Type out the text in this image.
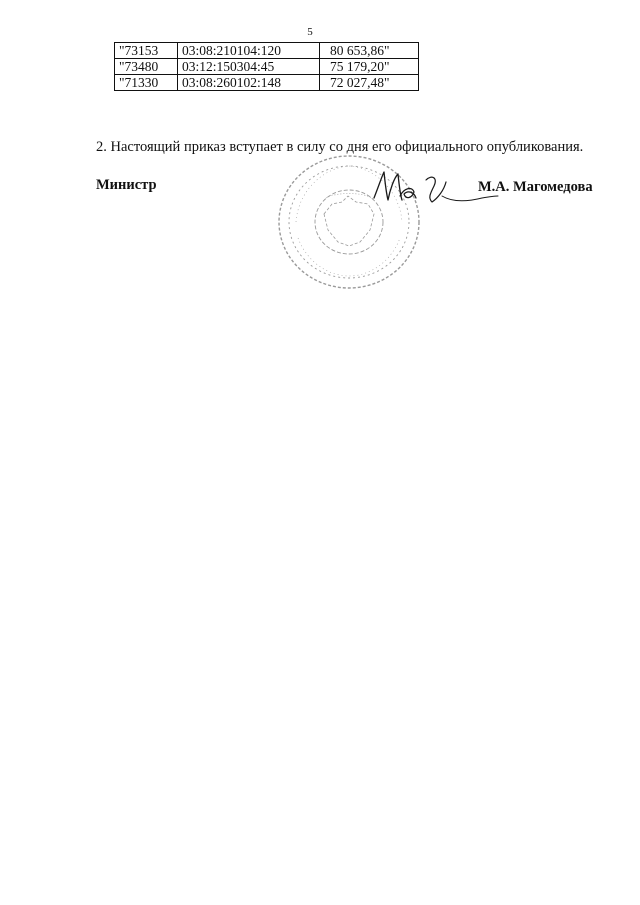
5
"73153	03:08:210104:120	80 653,86"
"73480	03:12:150304:45	75 179,20"
"71330	03:08:260102:148	72 027,48"
2. Настоящий приказ вступает в силу со дня его официального опубликования.
Министр	М.А. Магомедова
